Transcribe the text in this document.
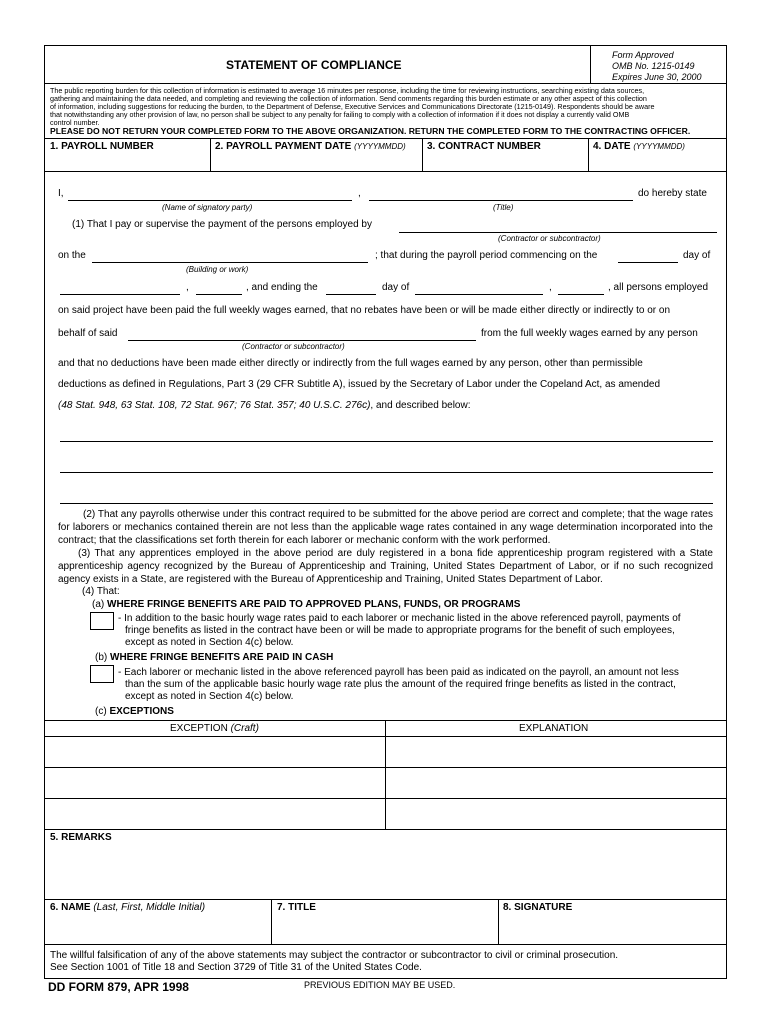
STATEMENT OF COMPLIANCE
Form Approved
OMB No. 1215-0149
Expires June 30, 2000
The public reporting burden for this collection of information is estimated to average 16 minutes per response, including the time for reviewing instructions, searching existing data sources,
gathering and maintaining the data needed, and completing and reviewing the collection of information. Send comments regarding this burden estimate or any other aspect of this collection
of information, including suggestions for reducing the burden, to the Department of Defense, Executive Services and Communications Directorate (1215-0149). Respondents should be aware
that notwithstanding any other provision of law, no person shall be subject to any penalty for failing to comply with a collection of information if it does not display a currently valid OMB
control number.
PLEASE DO NOT RETURN YOUR COMPLETED FORM TO THE ABOVE ORGANIZATION. RETURN THE COMPLETED FORM TO THE CONTRACTING OFFICER.
1. PAYROLL NUMBER	2. PAYROLL PAYMENT DATE (YYYYMMDD) 3. CONTRACT NUMBER	4. DATE (YYYYMMDD)
I,	,	do hereby state
(Name of signatory party)	(Title)
(1) That I pay or supervise the payment of the persons employed by
(Contractor or subcontractor)
on the	; that during the payroll period commencing on the	day of
(Building or work)
,	, and ending the	day of	,	, all persons employed
on said project have been paid the full weekly wages earned, that no rebates have been or will be made either directly or indirectly to or on
behalf of said	from the full weekly wages earned by any person
(Contractor or subcontractor)
and that no deductions have been made either directly or indirectly from the full wages earned by any person, other than permissible
deductions as defined in Regulations, Part 3 (29 CFR Subtitle A), issued by the Secretary of Labor under the Copeland Act, as amended
(48 Stat. 948, 63 Stat. 108, 72 Stat. 967; 76 Stat. 357; 40 U.S.C. 276c), and described below:
(2) That any payrolls otherwise under this contract required to be submitted for the above period are correct and complete; that the wage rates for laborers or mechanics contained therein are not less than the applicable wage rates contained in any wage determination incorporated into the contract; that the classifications set forth therein for each laborer or mechanic conform with the work performed.
(3) That any apprentices employed in the above period are duly registered in a bona fide apprenticeship program registered with a State apprenticeship agency recognized by the Bureau of Apprenticeship and Training, United States Department of Labor, or if no such recognized agency exists in a State, are registered with the Bureau of Apprenticeship and Training, United States Department of Labor.
(4) That:
(a) WHERE FRINGE BENEFITS ARE PAID TO APPROVED PLANS, FUNDS, OR PROGRAMS
- In addition to the basic hourly wage rates paid to each laborer or mechanic listed in the above referenced payroll, payments of
fringe benefits as listed in the contract have been or will be made to appropriate programs for the benefit of such employees,
except as noted in Section 4(c) below.
(b) WHERE FRINGE BENEFITS ARE PAID IN CASH
- Each laborer or mechanic listed in the above referenced payroll has been paid as indicated on the payroll, an amount not less
than the sum of the applicable basic hourly wage rate plus the amount of the required fringe benefits as listed in the contract,
except as noted in Section 4(c) below.
(c) EXCEPTIONS
EXCEPTION (Craft)	EXPLANATION
5. REMARKS
6. NAME (Last, First, Middle Initial)	7. TITLE	8. SIGNATURE
The willful falsification of any of the above statements may subject the contractor or subcontractor to civil or criminal prosecution.
See Section 1001 of Title 18 and Section 3729 of Title 31 of the United States Code.
DD FORM 879, APR 1998	PREVIOUS EDITION MAY BE USED.
